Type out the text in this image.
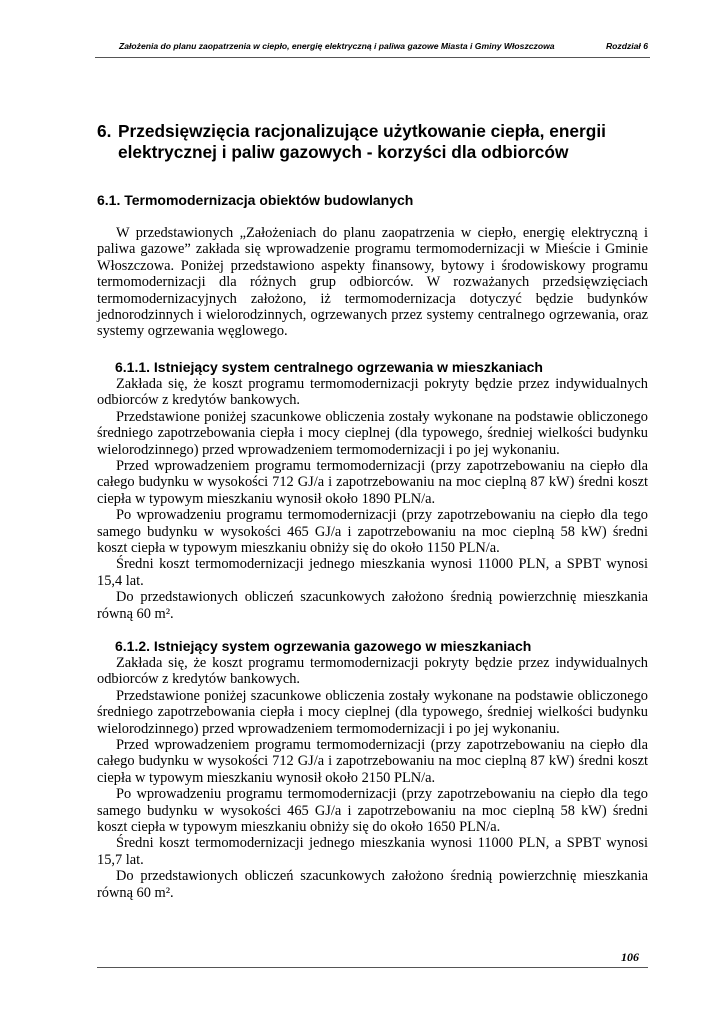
Założenia do planu zaopatrzenia w ciepło, energię elektryczną i paliwa gazowe Miasta i Gminy Włoszczowa	Rozdział 6
6. Przedsięwzięcia racjonalizujące użytkowanie ciepła, energii elektrycznej i paliw gazowych - korzyści dla odbiorców
6.1. Termomodernizacja obiektów budowlanych

W przedstawionych „Założeniach do planu zaopatrzenia w ciepło, energię elektryczną i paliwa gazowe” zakłada się wprowadzenie programu termomodernizacji w Mieście i Gminie Włoszczowa. Poniżej przedstawiono aspekty finansowy, bytowy i środowiskowy programu termomodernizacji dla różnych grup odbiorców. W rozważanych przedsięwzięciach termomodernizacyjnych założono, iż termomodernizacja dotyczyć będzie budynków jednorodzinnych i wielorodzinnych, ogrzewanych przez systemy centralnego ogrzewania, oraz systemy ogrzewania węglowego.

6.1.1. Istniejący system centralnego ogrzewania w mieszkaniach

Zakłada się, że koszt programu termomodernizacji pokryty będzie przez indywidualnych odbiorców z kredytów bankowych.

Przedstawione poniżej szacunkowe obliczenia zostały wykonane na podstawie obliczonego średniego zapotrzebowania ciepła i mocy cieplnej (dla typowego, średniej wielkości budynku wielorodzinnego) przed wprowadzeniem termomodernizacji i po jej wykonaniu.

Przed wprowadzeniem programu termomodernizacji (przy zapotrzebowaniu na ciepło dla całego budynku w wysokości 712 GJ/a i zapotrzebowaniu na moc cieplną 87 kW) średni koszt ciepła w typowym mieszkaniu wynosił około 1890 PLN/a.

Po wprowadzeniu programu termomodernizacji (przy zapotrzebowaniu na ciepło dla tego samego budynku w wysokości 465 GJ/a i zapotrzebowaniu na moc cieplną 58 kW) średni koszt ciepła w typowym mieszkaniu obniży się do około 1150 PLN/a.

Średni koszt termomodernizacji jednego mieszkania wynosi 11000 PLN, a SPBT wynosi 15,4 lat.

Do przedstawionych obliczeń szacunkowych założono średnią powierzchnię mieszkania równą 60 m².

6.1.2. Istniejący system ogrzewania gazowego w mieszkaniach

Zakłada się, że koszt programu termomodernizacji pokryty będzie przez indywidualnych odbiorców z kredytów bankowych.

Przedstawione poniżej szacunkowe obliczenia zostały wykonane na podstawie obliczonego średniego zapotrzebowania ciepła i mocy cieplnej (dla typowego, średniej wielkości budynku wielorodzinnego) przed wprowadzeniem termomodernizacji i po jej wykonaniu.

Przed wprowadzeniem programu termomodernizacji (przy zapotrzebowaniu na ciepło dla całego budynku w wysokości 712 GJ/a i zapotrzebowaniu na moc cieplną 87 kW) średni koszt ciepła w typowym mieszkaniu wynosił około 2150 PLN/a.

Po wprowadzeniu programu termomodernizacji (przy zapotrzebowaniu na ciepło dla tego samego budynku w wysokości 465 GJ/a i zapotrzebowaniu na moc cieplną 58 kW) średni koszt ciepła w typowym mieszkaniu obniży się do około 1650 PLN/a.

Średni koszt termomodernizacji jednego mieszkania wynosi 11000 PLN, a SPBT wynosi 15,7 lat.

Do przedstawionych obliczeń szacunkowych założono średnią powierzchnię mieszkania równą 60 m².

106
